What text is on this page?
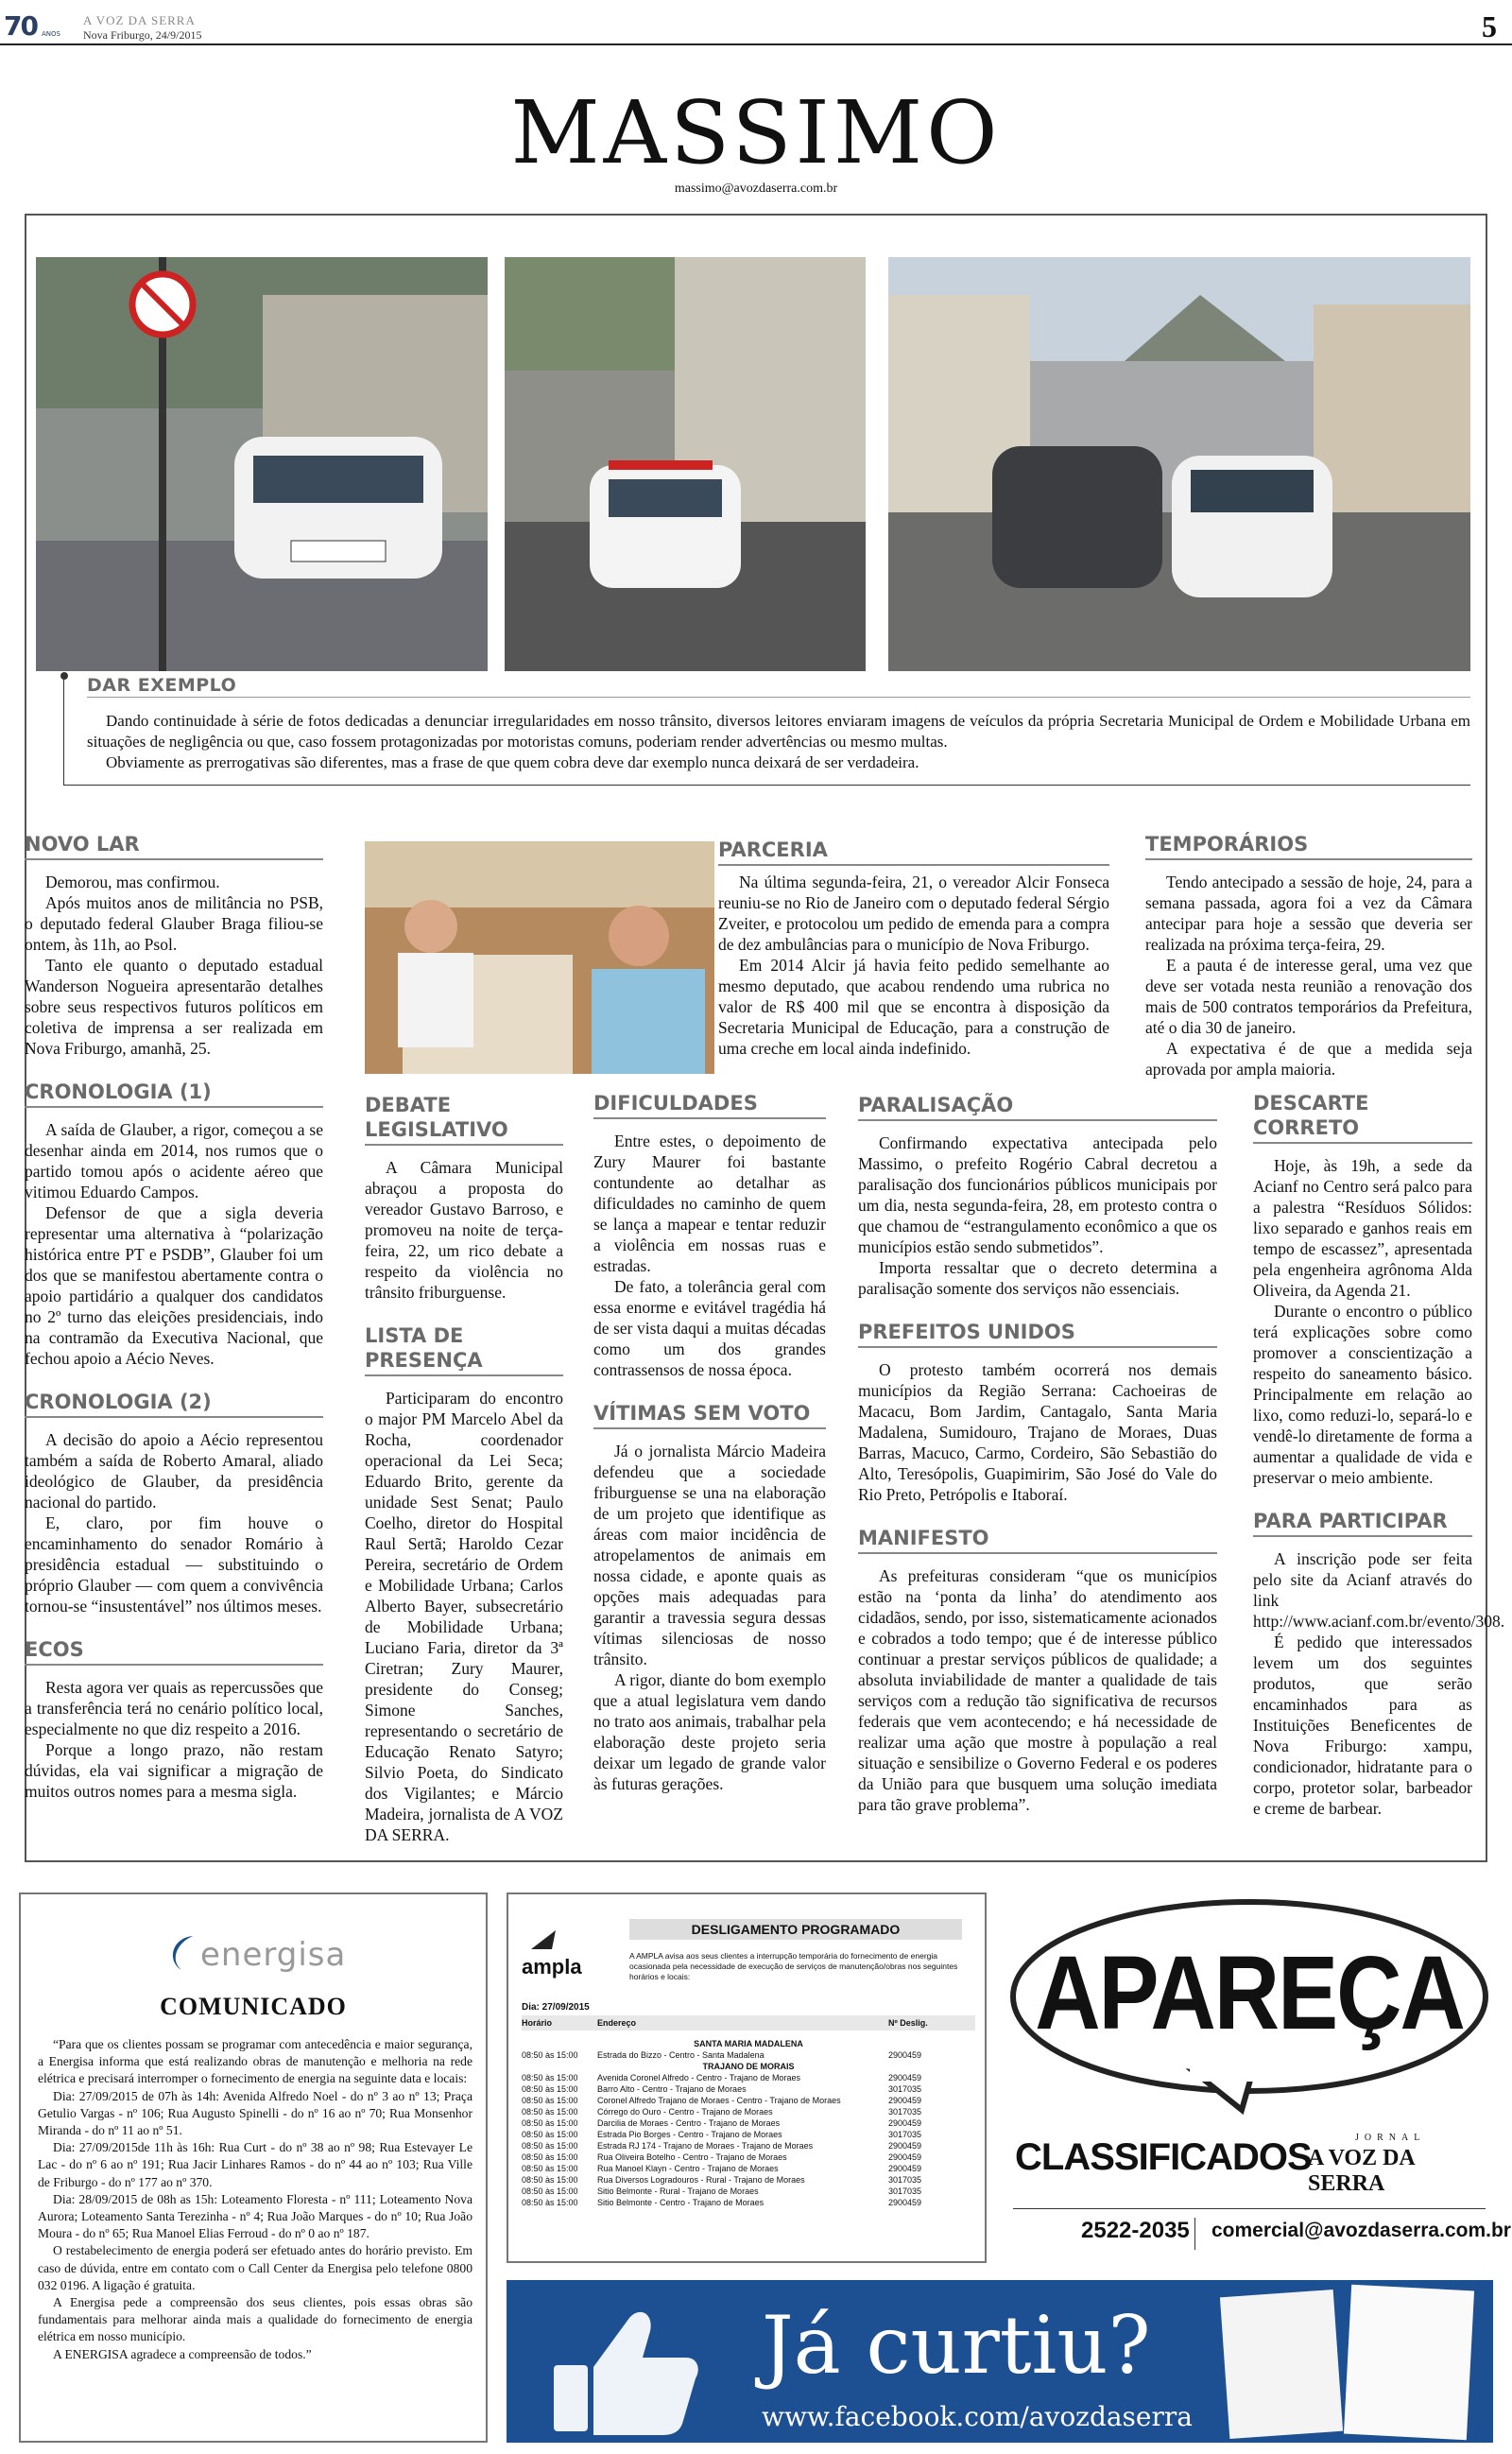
70 ANOS
A VOZ DA SERRA
Nova Friburgo, 24/9/2015	5
MASSIMO
massimo@avozdaserra.com.br
DAR EXEMPLO

Dando continuidade à série de fotos dedicadas a denunciar irregularidades em nosso trânsito, diversos leitores enviaram imagens de veículos da própria Secretaria Municipal de Ordem e Mobilidade Urbana em situações de negligência ou que, caso fossem protagonizadas por motoristas comuns, poderiam render advertências ou mesmo multas.

Obviamente as prerrogativas são diferentes, mas a frase de que quem cobra deve dar exemplo nunca deixará de ser verdadeira.

NOVO LAR

Demorou, mas confirmou.

Após muitos anos de militância no PSB, o deputado federal Glauber Braga filiou-se ontem, às 11h, ao Psol.

Tanto ele quanto o deputado estadual Wanderson Nogueira apresentarão detalhes sobre seus respectivos futuros políticos em coletiva de imprensa a ser realizada em Nova Friburgo, amanhã, 25.

CRONOLOGIA (1)

A saída de Glauber, a rigor, começou a se desenhar ainda em 2014, nos rumos que o partido tomou após o acidente aéreo que vitimou Eduardo Campos.

Defensor de que a sigla deveria representar uma alternativa à “polarização histórica entre PT e PSDB”, Glauber foi um dos que se manifestou abertamente contra o apoio partidário a qualquer dos candidatos no 2º turno das eleições presidenciais, indo na contramão da Executiva Nacional, que fechou apoio a Aécio Neves.

CRONOLOGIA (2)

A decisão do apoio a Aécio representou também a saída de Roberto Amaral, aliado ideológico de Glauber, da presidência nacional do partido.

E, claro, por fim houve o encaminhamento do senador Romário à presidência estadual — substituindo o próprio Glauber — com quem a convivência tornou-se “insustentável” nos últimos meses.

ECOS

Resta agora ver quais as repercussões que a transferência terá no cenário político local, especialmente no que diz respeito a 2016.

Porque a longo prazo, não restam dúvidas, ela vai significar a migração de muitos outros nomes para a mesma sigla.

PARCERIA

Na última segunda-feira, 21, o vereador Alcir Fonseca reuniu-se no Rio de Janeiro com o deputado federal Sérgio Zveiter, e protocolou um pedido de emenda para a compra de dez ambulâncias para o município de Nova Friburgo.

Em 2014 Alcir já havia feito pedido semelhante ao mesmo deputado, que acabou rendendo uma rubrica no valor de R$ 400 mil que se encontra à disposição da Secretaria Municipal de Educação, para a construção de uma creche em local ainda indefinido.

DEBATE LEGISLATIVO

A Câmara Municipal abraçou a proposta do vereador Gustavo Barroso, e promoveu na noite de terça-feira, 22, um rico debate a respeito da violência no trânsito friburguense.

LISTA DE PRESENÇA

Participaram do encontro o major PM Marcelo Abel da Rocha, coordenador operacional da Lei Seca; Eduardo Brito, gerente da unidade Sest Senat; Paulo Coelho, diretor do Hospital Raul Sertã; Haroldo Cezar Pereira, secretário de Ordem e Mobilidade Urbana; Carlos Alberto Bayer, subsecretário de Mobilidade Urbana; Luciano Faria, diretor da 3ª Ciretran; Zury Maurer, presidente do Conseg; Simone Sanches, representando o secretário de Educação Renato Satyro; Silvio Poeta, do Sindicato dos Vigilantes; e Márcio Madeira, jornalista de A VOZ DA SERRA.

DIFICULDADES

Entre estes, o depoimento de Zury Maurer foi bastante contundente ao detalhar as dificuldades no caminho de quem se lança a mapear e tentar reduzir a violência em nossas ruas e estradas.

De fato, a tolerância geral com essa enorme e evitável tragédia há de ser vista daqui a muitas décadas como um dos grandes contrassensos de nossa época.

VÍTIMAS SEM VOTO

Já o jornalista Márcio Madeira defendeu que a sociedade friburguense se una na elaboração de um projeto que identifique as áreas com maior incidência de atropelamentos de animais em nossa cidade, e aponte quais as opções mais adequadas para garantir a travessia segura dessas vítimas silenciosas de nosso trânsito.

A rigor, diante do bom exemplo que a atual legislatura vem dando no trato aos animais, trabalhar pela elaboração deste projeto seria deixar um legado de grande valor às futuras gerações.

PARALISAÇÃO

Confirmando expectativa antecipada pelo Massimo, o prefeito Rogério Cabral decretou a paralisação dos funcionários públicos municipais por um dia, nesta segunda-feira, 28, em protesto contra o que chamou de “estrangulamento econômico a que os municípios estão sendo submetidos”.

Importa ressaltar que o decreto determina a paralisação somente dos serviços não essenciais.

PREFEITOS UNIDOS

O protesto também ocorrerá nos demais municípios da Região Serrana: Cachoeiras de Macacu, Bom Jardim, Cantagalo, Santa Maria Madalena, Sumidouro, Trajano de Moraes, Duas Barras, Macuco, Carmo, Cordeiro, São Sebastião do Alto, Teresópolis, Guapimirim, São José do Vale do Rio Preto, Petrópolis e Itaboraí.

MANIFESTO

As prefeituras consideram “que os municípios estão na ‘ponta da linha’ do atendimento aos cidadãos, sendo, por isso, sistematicamente acionados e cobrados a todo tempo; que é de interesse público continuar a prestar serviços públicos de qualidade; a absoluta inviabilidade de manter a qualidade de tais serviços com a redução tão significativa de recursos federais que vem acontecendo; e há necessidade de realizar uma ação que mostre à população a real situação e sensibilize o Governo Federal e os poderes da União para que busquem uma solução imediata para tão grave problema”.

TEMPORÁRIOS

Tendo antecipado a sessão de hoje, 24, para a semana passada, agora foi a vez da Câmara antecipar para hoje a sessão que deveria ser realizada na próxima terça-feira, 29.

E a pauta é de interesse geral, uma vez que deve ser votada nesta reunião a renovação dos mais de 500 contratos temporários da Prefeitura, até o dia 30 de janeiro.

A expectativa é de que a medida seja aprovada por ampla maioria.

DESCARTE CORRETO

Hoje, às 19h, a sede da Acianf no Centro será palco para a palestra “Resíduos Sólidos: lixo separado e ganhos reais em tempo de escassez”, apresentada pela engenheira agrônoma Alda Oliveira, da Agenda 21.

Durante o encontro o público terá explicações sobre como promover a conscientização a respeito do saneamento básico. Principalmente em relação ao lixo, como reduzi-lo, separá-lo e vendê-lo diretamente de forma a aumentar a qualidade de vida e preservar o meio ambiente.

PARA PARTICIPAR

A inscrição pode ser feita pelo site da Acianf através do link http://www.acianf.com.br/evento/308.

É pedido que interessados levem um dos seguintes produtos, que serão encaminhados para as Instituições Beneficentes de Nova Friburgo: xampu, condicionador, hidratante para o corpo, protetor solar, barbeador e creme de barbear.

energisa
COMUNICADO

“Para que os clientes possam se programar com antecedência e maior segurança, a Energisa informa que está realizando obras de manutenção e melhoria na rede elétrica e precisará interromper o fornecimento de energia na seguinte data e locais:

Dia: 27/09/2015 de 07h às 14h: Avenida Alfredo Noel - do nº 3 ao nº 13; Praça Getulio Vargas - nº 106; Rua Augusto Spinelli - do nº 16 ao nº 70; Rua Monsenhor Miranda - do nº 11 ao nº 51.

Dia: 27/09/2015de 11h às 16h: Rua Curt - do nº 38 ao nº 98; Rua Estevayer Le Lac - do nº 6 ao nº 191; Rua Jacir Linhares Ramos - do nº 44 ao nº 103; Rua Ville de Friburgo - do nº 177 ao nº 370.

Dia: 28/09/2015 de 08h as 15h: Loteamento Floresta - nº 111; Loteamento Nova Aurora; Loteamento Santa Terezinha - nº 4; Rua João Marques - do nº 10; Rua João Moura - do nº 65; Rua Manoel Elias Ferroud - do nº 0 ao nº 187.

O restabelecimento de energia poderá ser efetuado antes do horário previsto. Em caso de dúvida, entre em contato com o Call Center da Energisa pelo telefone 0800 032 0196. A ligação é gratuita.

A Energisa pede a compreensão dos seus clientes, pois essas obras são fundamentais para melhorar ainda mais a qualidade do fornecimento de energia elétrica em nosso município.

A ENERGISA agradece a compreensão de todos.”

ampla
DESLIGAMENTO PROGRAMADO
A AMPLA avisa aos seus clientes a interrupção temporária do fornecimento de energia ocasionada pela necessidade de execução de serviços de manutenção/obras nos seguintes horários e locais:
Dia: 27/09/2015
Horário	Endereço	Nº Deslig.
SANTA MARIA MADALENA
08:50 às 15:00	Estrada do Bizzo - Centro - Santa Madalena	2900459
TRAJANO DE MORAIS
08:50 às 15:00	Avenida Coronel Alfredo - Centro - Trajano de Moraes	2900459
08:50 às 15:00	Barro Alto - Centro - Trajano de Moraes	3017035
08:50 às 15:00	Coronel Alfredo Trajano de Moraes - Centro - Trajano de Moraes	2900459
08:50 às 15:00	Córrego do Ouro - Centro - Trajano de Moraes	3017035
08:50 às 15:00	Darcilia de Moraes - Centro - Trajano de Moraes	2900459
08:50 às 15:00	Estrada Pio Borges - Centro - Trajano de Moraes	3017035
08:50 às 15:00	Estrada RJ 174 - Trajano de Moraes - Trajano de Moraes	2900459
08:50 às 15:00	Rua Oliveira Botelho - Centro - Trajano de Moraes	2900459
08:50 às 15:00	Rua Manoel Klayn - Centro - Trajano de Moraes	2900459
08:50 às 15:00	Rua Diversos Logradouros - Rural - Trajano de Moraes	3017035
08:50 às 15:00	Sitio Belmonte - Rural - Trajano de Moraes	3017035
08:50 às 15:00	Sitio Belmonte - Centro - Trajano de Moraes	2900459
APAREÇA
CLASSIFICADOS	JORNAL
A VOZ DA SERRA
2522-2035 comercial@avozdaserra.com.br
Já curtiu?
www.facebook.com/avozdaserra
